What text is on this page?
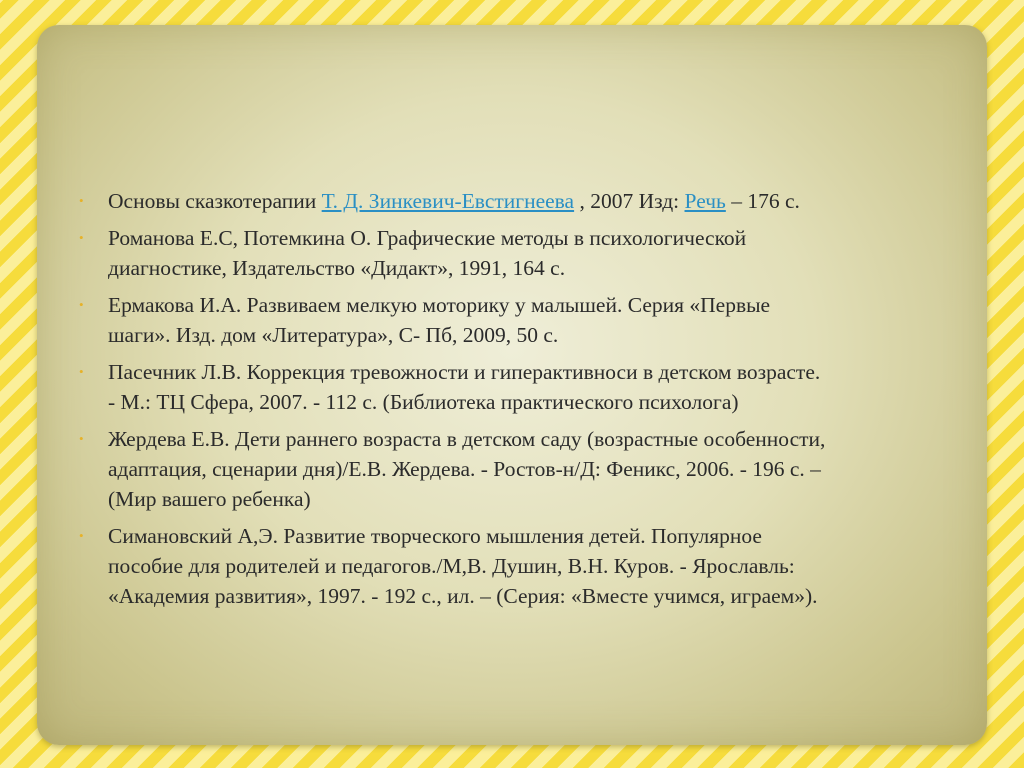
• Основы сказкотерапии Т. Д. Зинкевич-Евстигнеева , 2007 Изд: Речь – 176 с.
• Романова Е.С, Потемкина О. Графические методы в психологической
диагностике, Издательство «Дидакт», 1991, 164 с.
• Ермакова И.А. Развиваем мелкую моторику у малышей. Серия «Первые
шаги». Изд. дом «Литература», С- Пб, 2009, 50 с.
• Пасечник Л.В. Коррекция тревожности и гиперактивноси в детском возрасте.
- М.: ТЦ Сфера, 2007. - 112 с. (Библиотека практического психолога)
• Жердева Е.В. Дети раннего возраста в детском саду (возрастные особенности,
адаптация, сценарии дня)/Е.В. Жердева. - Ростов-н/Д: Феникс, 2006. - 196 с. –
(Мир вашего ребенка)
• Симановский А,Э. Развитие творческого мышления детей. Популярное
пособие для родителей и педагогов./М,В. Душин, В.Н. Куров. - Ярославль:
«Академия развития», 1997. - 192 с., ил. – (Серия: «Вместе учимся, играем»).
